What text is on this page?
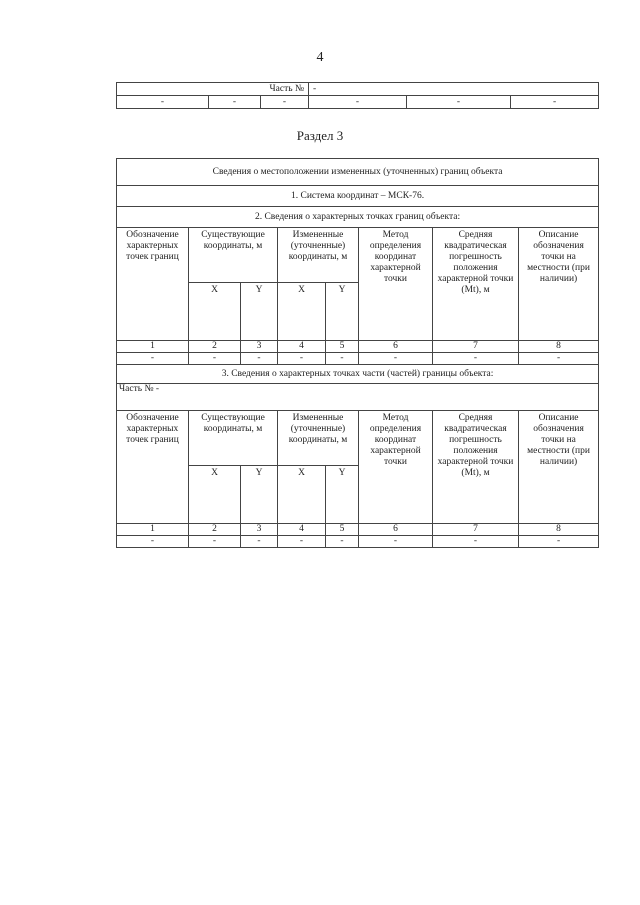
4
Часть №			-		
-	-	-	-	-	-
Раздел 3
Сведения о местоположении измененных (уточненных) границ объекта							
1. Система координат – МСК-76.							
2. Сведения о характерных точках границ объекта:							
Обозначение характерных точек границ	Существующие координаты, м		Измененные (уточненные) координаты, м		Метод определения координат характерной точки	Средняя квадратическая погрешность положения характерной точки (Mt), м	Описание обозначения точки на местности (при наличии)
	X	Y	X	Y			
1	2	3	4	5	6	7	8
-	-	-	-	-	-	-	-
3. Сведения о характерных точках части (частей) границы объекта:							
Часть № -							
Обозначение характерных точек границ	Существующие координаты, м		Измененные (уточненные) координаты, м		Метод определения координат характерной точки	Средняя квадратическая погрешность положения характерной точки (Mt), м	Описание обозначения точки на местности (при наличии)
	X	Y	X	Y			
1	2	3	4	5	6	7	8
-	-	-	-	-	-	-	-
